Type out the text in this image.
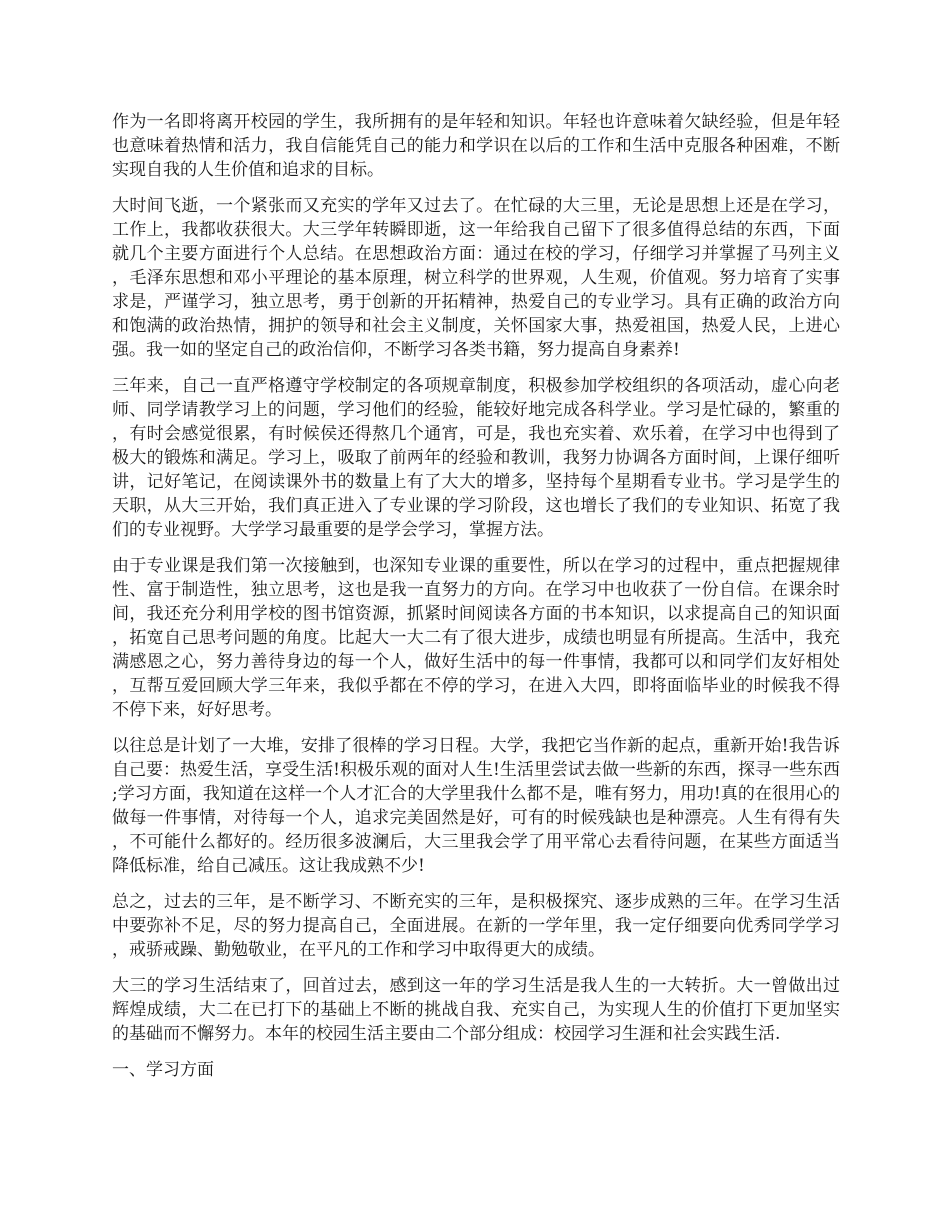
作为一名即将离开校园的学生，我所拥有的是年轻和知识。年轻也许意味着欠缺经验，但是年轻也意味着热情和活力，我自信能凭自己的能力和学识在以后的工作和生活中克服各种困难，不断实现自我的人生价值和追求的目标。

大时间飞逝，一个紧张而又充实的学年又过去了。在忙碌的大三里，无论是思想上还是在学习，工作上，我都收获很大。大三学年转瞬即逝，这一年给我自己留下了很多值得总结的东西，下面就几个主要方面进行个人总结。在思想政治方面：通过在校的学习，仔细学习并掌握了马列主义，毛泽东思想和邓小平理论的基本原理，树立科学的世界观，人生观，价值观。努力培育了实事求是，严谨学习，独立思考，勇于创新的开拓精神，热爱自己的专业学习。具有正确的政治方向和饱满的政治热情，拥护的领导和社会主义制度，关怀国家大事，热爱祖国，热爱人民，上进心强。我一如的坚定自己的政治信仰，不断学习各类书籍，努力提高自身素养!

三年来，自己一直严格遵守学校制定的各项规章制度，积极参加学校组织的各项活动，虚心向老师、同学请教学习上的问题，学习他们的经验，能较好地完成各科学业。学习是忙碌的，繁重的，有时会感觉很累，有时候侯还得熬几个通宵，可是，我也充实着、欢乐着，在学习中也得到了极大的锻炼和满足。学习上，吸取了前两年的经验和教训，我努力协调各方面时间，上课仔细听讲，记好笔记，在阅读课外书的数量上有了大大的增多，坚持每个星期看专业书。学习是学生的天职，从大三开始，我们真正进入了专业课的学习阶段，这也增长了我们的专业知识、拓宽了我们的专业视野。大学学习最重要的是学会学习，掌握方法。

由于专业课是我们第一次接触到，也深知专业课的重要性，所以在学习的过程中，重点把握规律性、富于制造性，独立思考，这也是我一直努力的方向。在学习中也收获了一份自信。在课余时间，我还充分利用学校的图书馆资源，抓紧时间阅读各方面的书本知识，以求提高自己的知识面，拓宽自己思考问题的角度。比起大一大二有了很大进步，成绩也明显有所提高。生活中，我充满感恩之心，努力善待身边的每一个人，做好生活中的每一件事情，我都可以和同学们友好相处，互帮互爱回顾大学三年来，我似乎都在不停的学习，在进入大四，即将面临毕业的时候我不得不停下来，好好思考。

以往总是计划了一大堆，安排了很棒的学习日程。大学，我把它当作新的起点，重新开始!我告诉自己要：热爱生活，享受生活!积极乐观的面对人生!生活里尝试去做一些新的东西，探寻一些东西;学习方面，我知道在这样一个人才汇合的大学里我什么都不是，唯有努力，用功!真的在很用心的做每一件事情，对待每一个人，追求完美固然是好，可有的时候残缺也是种漂亮。人生有得有失，不可能什么都好的。经历很多波澜后，大三里我会学了用平常心去看待问题，在某些方面适当降低标准，给自己减压。这让我成熟不少!

总之，过去的三年，是不断学习、不断充实的三年，是积极探究、逐步成熟的三年。在学习生活中要弥补不足，尽的努力提高自己，全面进展。在新的一学年里，我一定仔细要向优秀同学学习，戒骄戒躁、勤勉敬业，在平凡的工作和学习中取得更大的成绩。

大三的学习生活结束了，回首过去，感到这一年的学习生活是我人生的一大转折。大一曾做出过辉煌成绩，大二在已打下的基础上不断的挑战自我、充实自己，为实现人生的价值打下更加坚实的基础而不懈努力。本年的校园生活主要由二个部分组成：校园学习生涯和社会实践生活.

一、学习方面
